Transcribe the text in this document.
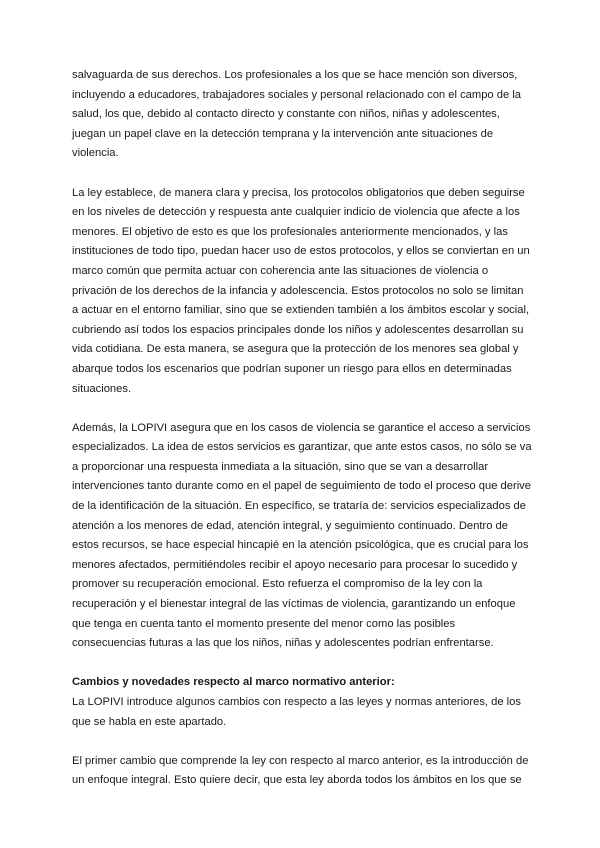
salvaguarda de sus derechos. Los profesionales a los que se hace mención son diversos, incluyendo a educadores, trabajadores sociales y personal relacionado con el campo de la salud, los que, debido al contacto directo y constante con niños, niñas y adolescentes, juegan un papel clave en la detección temprana y la intervención ante situaciones de violencia.

La ley establece, de manera clara y precisa, los protocolos obligatorios que deben seguirse en los niveles de detección y respuesta ante cualquier indicio de violencia que afecte a los menores. El objetivo de esto es que los profesionales anteriormente mencionados, y las instituciones de todo tipo, puedan hacer uso de estos protocolos, y ellos se conviertan en un marco común que permita actuar con coherencia ante las situaciones de violencia o privación de los derechos de la infancia y adolescencia. Estos protocolos no solo se limitan a actuar en el entorno familiar, sino que se extienden también a los ámbitos escolar y social, cubriendo así todos los espacios principales donde los niños y adolescentes desarrollan su vida cotidiana. De esta manera, se asegura que la protección de los menores sea global y abarque todos los escenarios que podrían suponer un riesgo para ellos en determinadas situaciones.

Además, la LOPIVI asegura que en los casos de violencia se garantice el acceso a servicios especializados. La idea de estos servicios es garantizar, que ante estos casos, no sólo se va a proporcionar una respuesta inmediata a la situación, sino que se van a desarrollar intervenciones tanto durante como en el papel de seguimiento de todo el proceso que derive de la identificación de la situación. En específico, se trataría de: servicios especializados de atención a los menores de edad, atención integral, y seguimiento continuado. Dentro de estos recursos, se hace especial hincapié en la atención psicológica, que es crucial para los menores afectados, permitiéndoles recibir el apoyo necesario para procesar lo sucedido y promover su recuperación emocional. Esto refuerza el compromiso de la ley con la recuperación y el bienestar integral de las víctimas de violencia, garantizando un enfoque que tenga en cuenta tanto el momento presente del menor como las posibles consecuencias futuras a las que los niños, niñas y adolescentes podrían enfrentarse.

Cambios y novedades respecto al marco normativo anterior:

La LOPIVI introduce algunos cambios con respecto a las leyes y normas anteriores, de los que se habla en este apartado.

El primer cambio que comprende la ley con respecto al marco anterior, es la introducción de un enfoque integral. Esto quiere decir, que esta ley aborda todos los ámbitos en los que se
